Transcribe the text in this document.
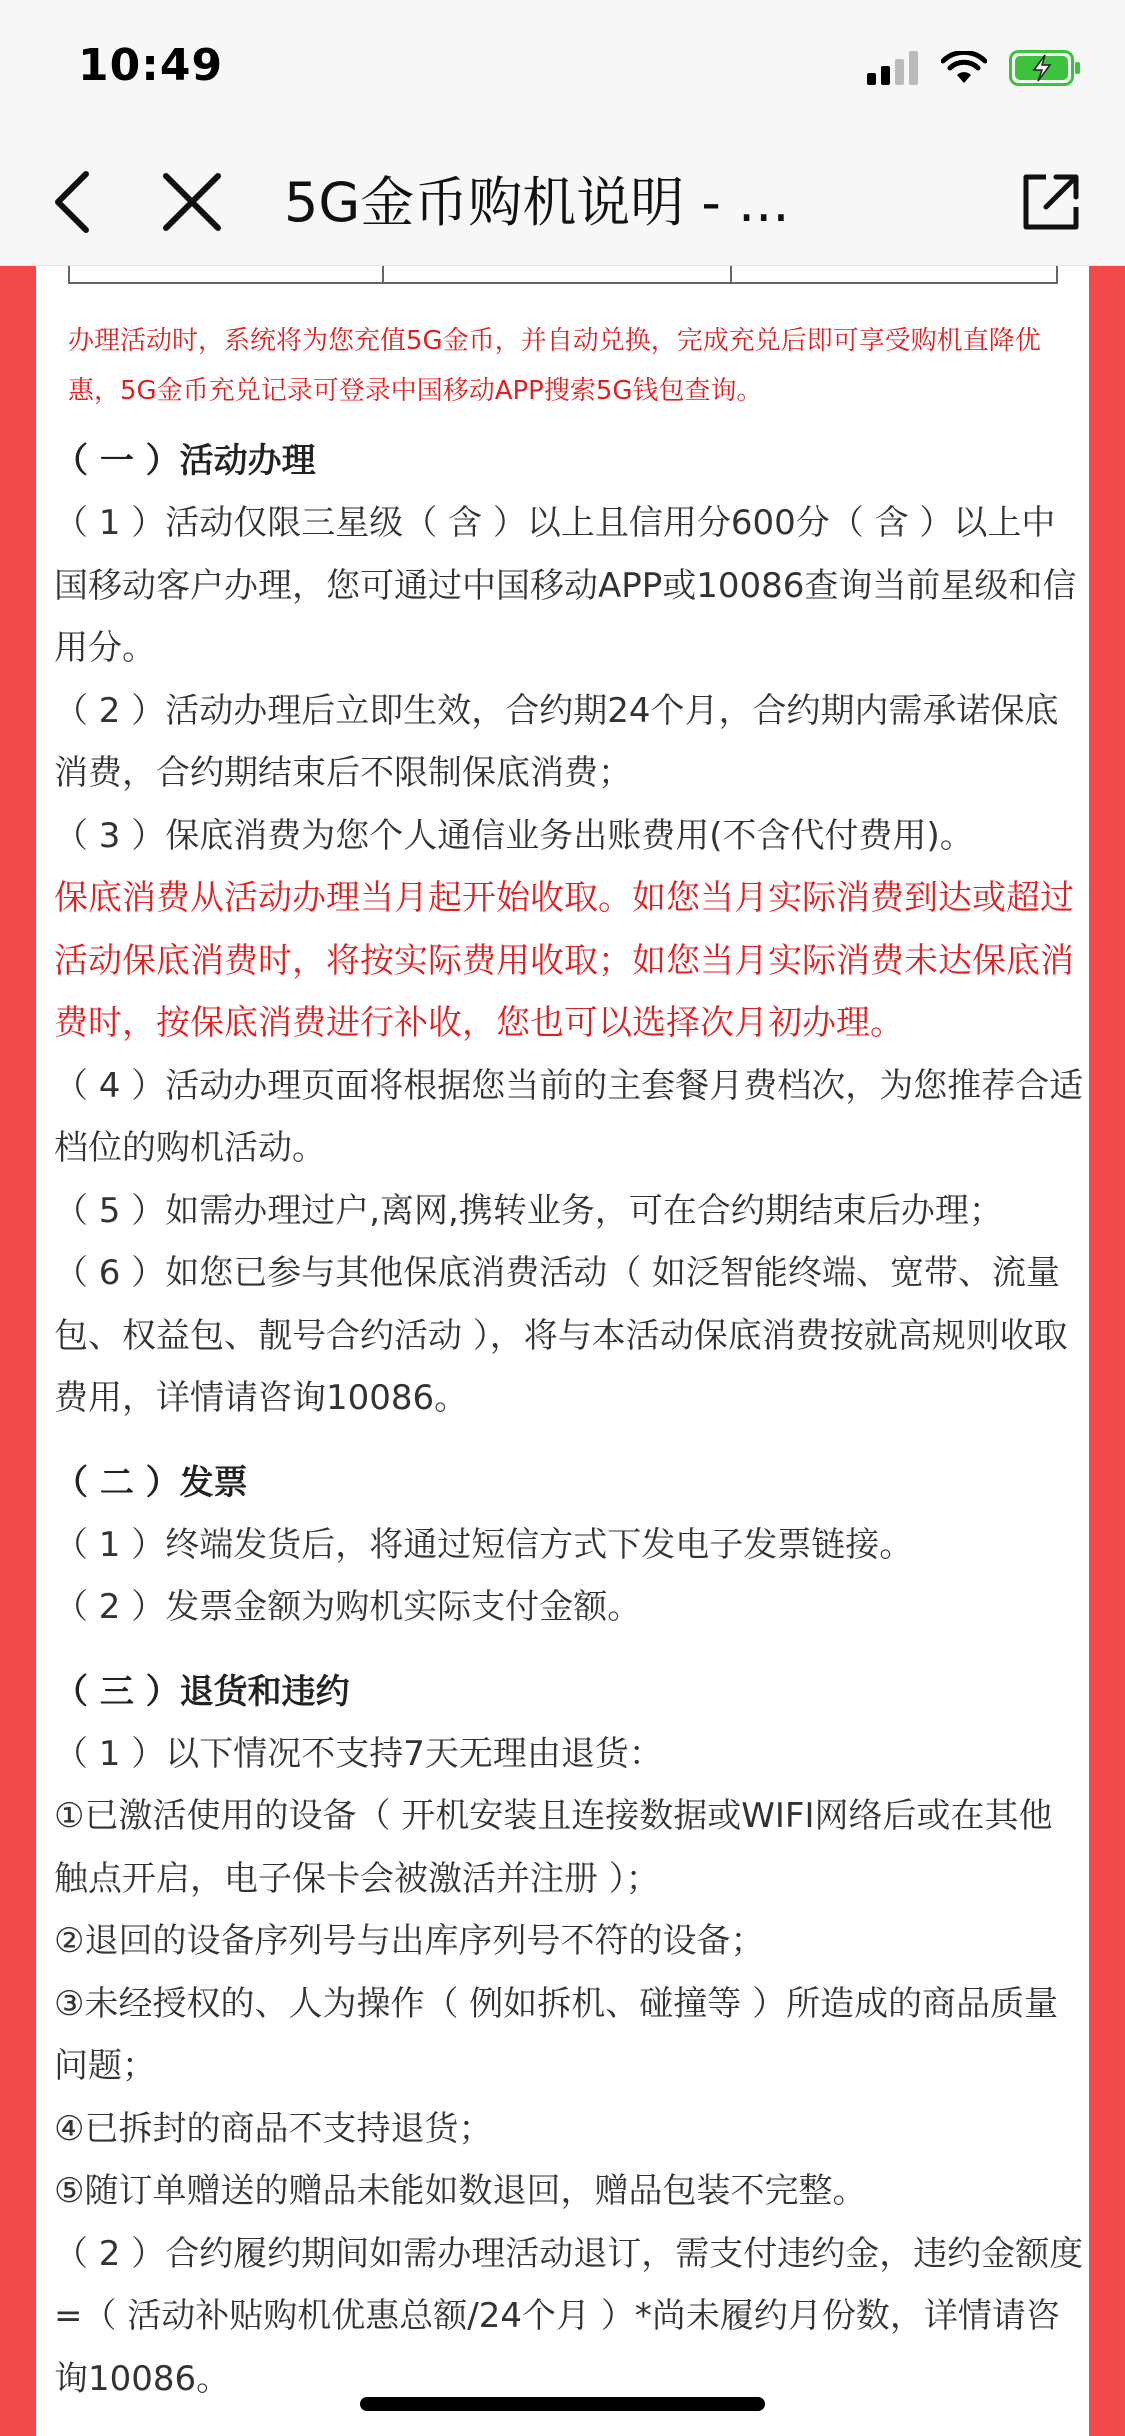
10:49
5G金币购机说明 - ...
办理活动时，系统将为您充值5G金币，并自动兑换，完成充兑后即可享受购机直降优惠，5G金币充兑记录可登录中国移动APP搜索5G钱包查询。
（ 一 ）活动办理
（ 1 ）活动仅限三星级（ 含 ）以上且信用分600分（ 含 ）以上中国移动客户办理，您可通过中国移动APP或10086查询当前星级和信用分。
（ 2 ）活动办理后立即生效，合约期24个月，合约期内需承诺保底消费，合约期结束后不限制保底消费；
（ 3 ）保底消费为您个人通信业务出账费用(不含代付费用)。
保底消费从活动办理当月起开始收取。如您当月实际消费到达或超过活动保底消费时，将按实际费用收取；如您当月实际消费未达保底消费时，按保底消费进行补收，您也可以选择次月初办理。
（ 4 ）活动办理页面将根据您当前的主套餐月费档次，为您推荐合适档位的购机活动。
（ 5 ）如需办理过户,离网,携转业务，可在合约期结束后办理；
（ 6 ）如您已参与其他保底消费活动（ 如泛智能终端、宽带、流量包、权益包、靓号合约活动 ），将与本活动保底消费按就高规则收取费用，详情请咨询10086。
（ 二 ）发票
（ 1 ）终端发货后，将通过短信方式下发电子发票链接。
（ 2 ）发票金额为购机实际支付金额。
（ 三 ）退货和违约
（ 1 ）以下情况不支持7天无理由退货：
①已激活使用的设备（ 开机安装且连接数据或WIFI网络后或在其他触点开启，电子保卡会被激活并注册 ）；
②退回的设备序列号与出库序列号不符的设备；
③未经授权的、人为操作（ 例如拆机、碰撞等 ）所造成的商品质量问题；
④已拆封的商品不支持退货；
⑤随订单赠送的赠品未能如数退回，赠品包装不完整。
（ 2 ）合约履约期间如需办理活动退订，需支付违约金，违约金额度=（ 活动补贴购机优惠总额/24个月 ）*尚未履约月份数，详情请咨询10086。
